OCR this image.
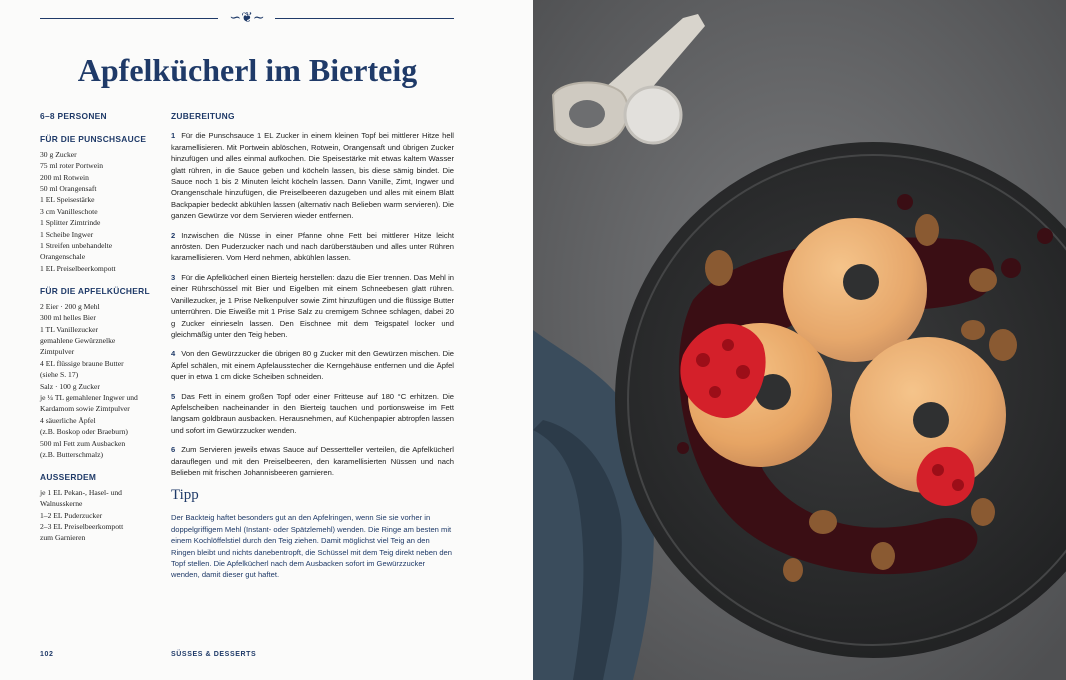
∽❦∼
Apfelkücherl im Bierteig
6–8 PERSONEN
FÜR DIE PUNSCHSAUCE
30 g Zucker
75 ml roter Portwein
200 ml Rotwein
50 ml Orangensaft
1 EL Speisestärke
3 cm Vanilleschote
1 Splitter Zimtrinde
1 Scheibe Ingwer
1 Streifen unbehandelte
Orangenschale
1 EL Preiselbeerkompott
FÜR DIE APFELKÜCHERL
2 Eier · 200 g Mehl
300 ml helles Bier
1 TL Vanillezucker
gemahlene Gewürznelke
Zimtpulver
4 EL flüssige braune Butter
(siehe S. 17)
Salz · 100 g Zucker
je ¼ TL gemahlener Ingwer und
Kardamom sowie Zimtpulver
4 säuerliche Äpfel
(z.B. Boskop oder Braeburn)
500 ml Fett zum Ausbacken
(z.B. Butterschmalz)
AUSSERDEM
je 1 EL Pekan-, Hasel- und
Walnusskerne
1–2 EL Puderzucker
2–3 EL Preiselbeerkompott
zum Garnieren
ZUBEREITUNG

1 Für die Punschsauce 1 EL Zucker in einem kleinen Topf bei mittlerer Hitze hell karamellisieren. Mit Portwein ablöschen, Rotwein, Orangensaft und übrigen Zucker hinzufügen und alles einmal aufkochen. Die Speisestärke mit etwas kaltem Wasser glatt rühren, in die Sauce geben und köcheln lassen, bis diese sämig bindet. Die Sauce noch 1 bis 2 Minuten leicht köcheln lassen. Dann Vanille, Zimt, Ingwer und Orangenschale hinzufügen, die Preiselbeeren dazugeben und alles mit einem Blatt Backpapier bedeckt abkühlen lassen (alternativ nach Belieben warm servieren). Die ganzen Gewürze vor dem Servieren wieder entfernen.

2 Inzwischen die Nüsse in einer Pfanne ohne Fett bei mittlerer Hitze leicht anrösten. Den Puderzucker nach und nach darüberstäuben und alles unter Rühren karamellisieren. Vom Herd nehmen, abkühlen lassen.

3 Für die Apfelkücherl einen Bierteig herstellen: dazu die Eier trennen. Das Mehl in einer Rührschüssel mit Bier und Eigelben mit einem Schneebesen glatt rühren. Vanillezucker, je 1 Prise Nelkenpulver sowie Zimt hinzufügen und die flüssige Butter unterrühren. Die Eiweiße mit 1 Prise Salz zu cremigem Schnee schlagen, dabei 20 g Zucker einrieseln lassen. Den Eischnee mit dem Teigspatel locker und gleichmäßig unter den Teig heben.

4 Von den Gewürzzucker die übrigen 80 g Zucker mit den Gewürzen mischen. Die Äpfel schälen, mit einem Apfelausstecher die Kerngehäuse entfernen und die Äpfel quer in etwa 1 cm dicke Scheiben schneiden.

5 Das Fett in einem großen Topf oder einer Fritteuse auf 180 °C erhitzen. Die Apfelscheiben nacheinander in den Bierteig tauchen und portionsweise im Fett langsam goldbraun ausbacken. Herausnehmen, auf Küchenpapier abtropfen lassen und sofort im Gewürzzucker wenden.

6 Zum Servieren jeweils etwas Sauce auf Dessertteller verteilen, die Apfelkücherl darauflegen und mit den Preiselbeeren, den karamellisierten Nüssen und nach Belieben mit frischen Johannisbeeren garnieren.

Tipp

Der Backteig haftet besonders gut an den Apfelringen, wenn Sie sie vorher in doppelgriffigem Mehl (Instant- oder Spätzlemehl) wenden. Die Ringe am besten mit einem Kochlöffelstiel durch den Teig ziehen. Damit möglichst viel Teig an den Ringen bleibt und nichts danebentropft, die Schüssel mit dem Teig direkt neben den Topf stellen. Die Apfelkücherl nach dem Ausbacken sofort im Gewürzzucker wenden, damit dieser gut haftet.

102	SÜSSES & DESSERTS
